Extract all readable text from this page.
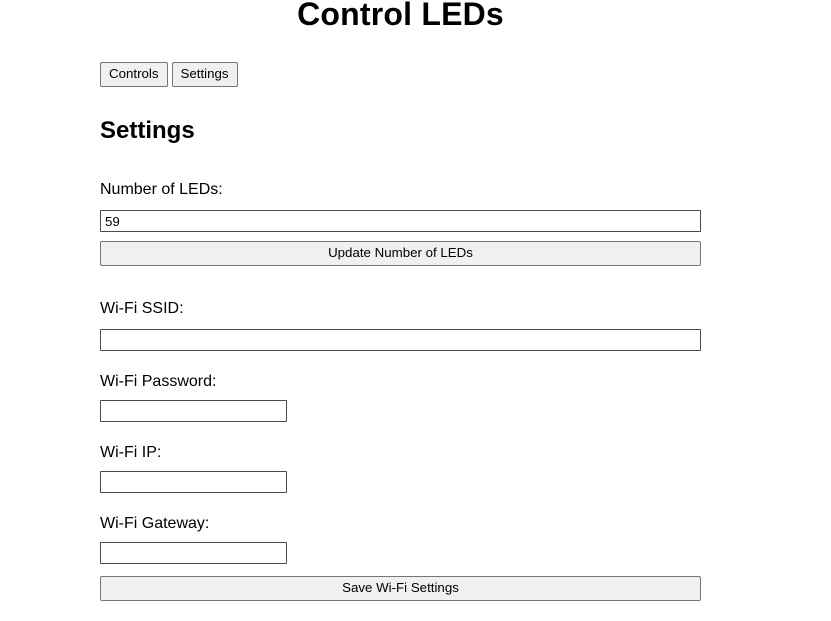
Control LEDs
Controls	Settings
Settings

Number of LEDs:

59
Update Number of LEDs

Wi-Fi SSID:

Wi-Fi Password:

Wi-Fi IP:

Wi-Fi Gateway:

Save Wi-Fi Settings
